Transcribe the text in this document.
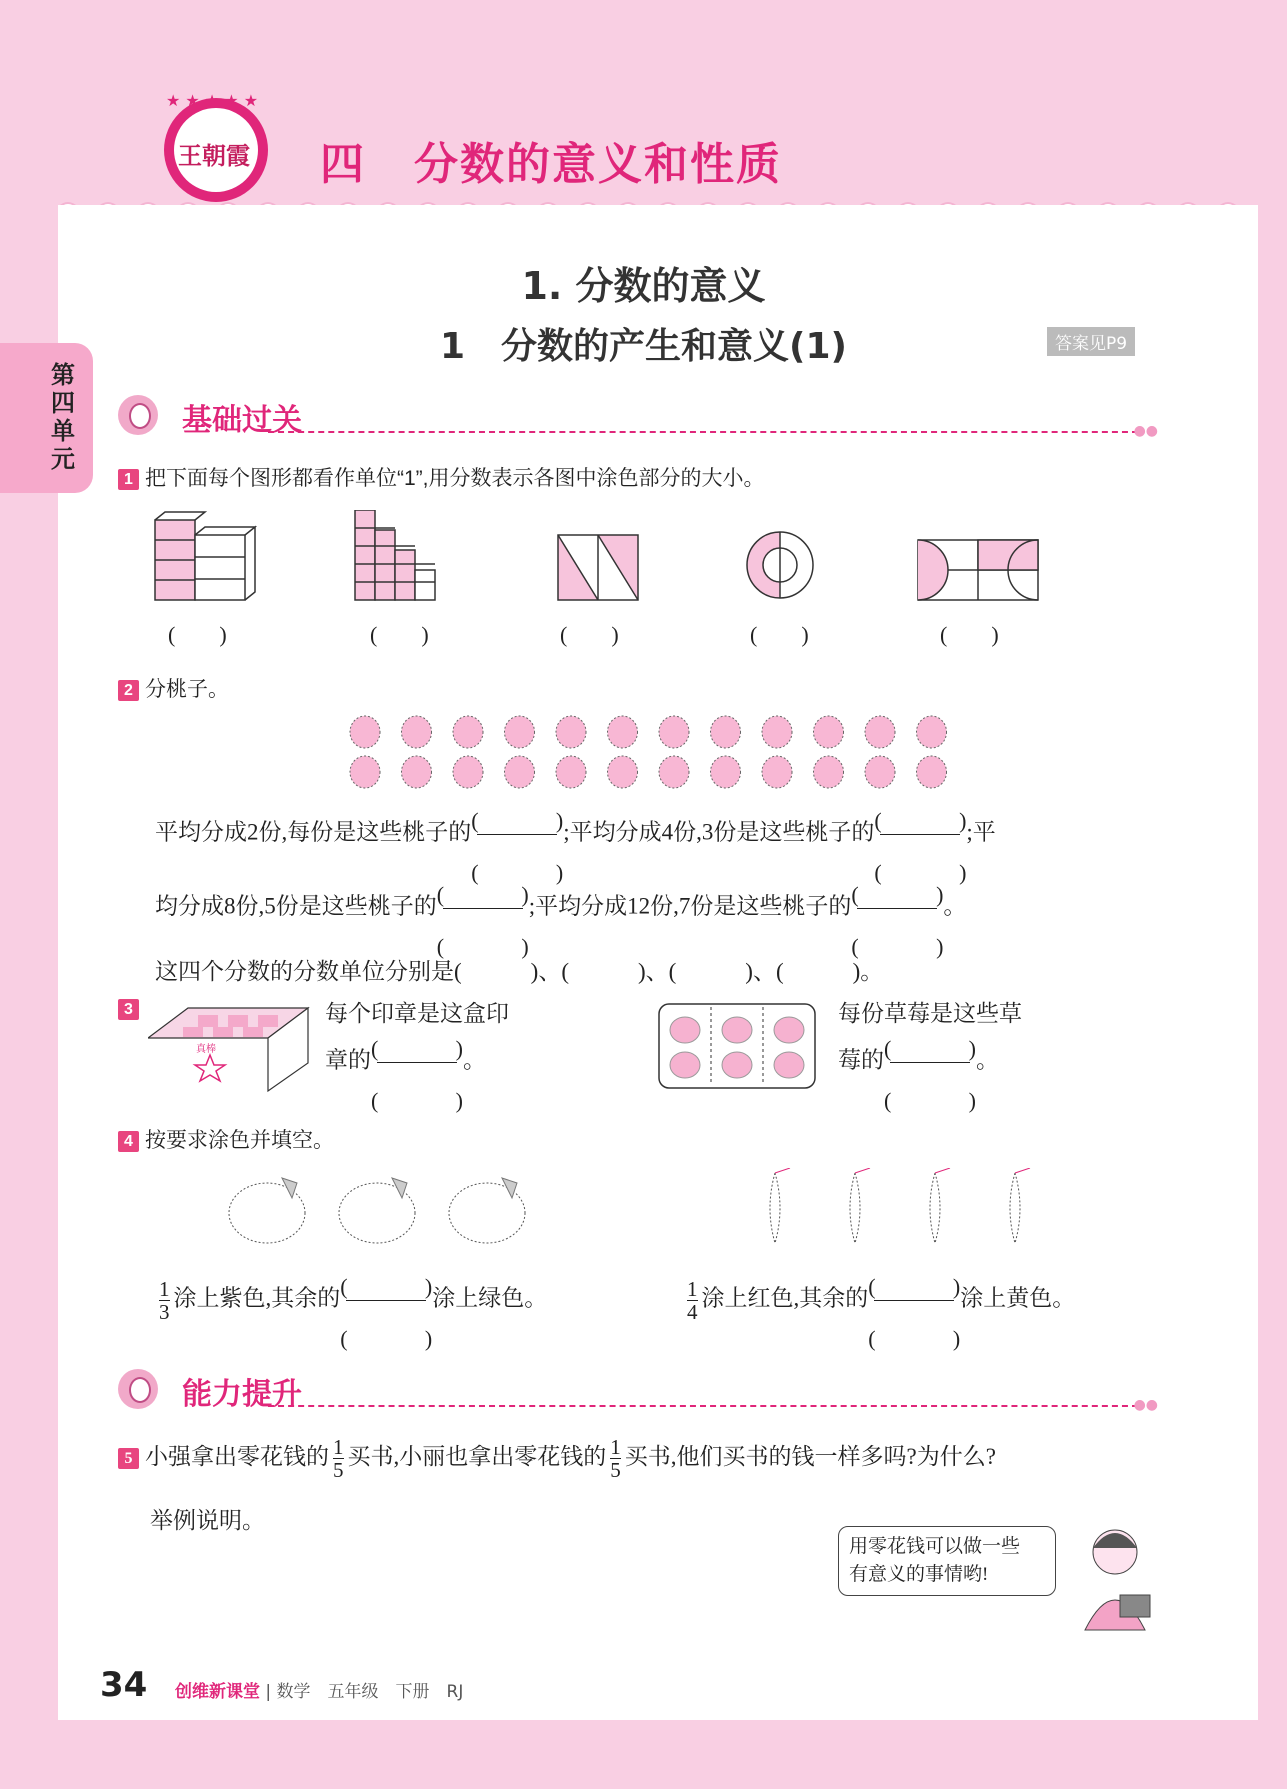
★ ★ ★ ★ ★
王朝霞 四 分数的意义和性质
第四单元
1. 分数的意义
1　分数的产生和意义(1)	答案见P9
基础过关	●●
1 把下面每个图形都看作单位“1”,用分数表示各图中涂色部分的大小。
(　　)	(　　)	(　　)	(　　)	(　　)
2 分桃子。
平均分成2份,每份是这些桃子的 (	)
(	)
;平均分成4份,3份是这些桃子的 (	)
(	)
;平
均分成8份,5份是这些桃子的 (	)
(	)
;平均分成12份,7份是这些桃子的 (	)
(	)
。
这四个分数的分数单位分别是(　　　)、(　　　)、(　　　)、(　　　)。
3
真棒
每个印章是这盒印
章的 (	)
(	)
。
每份草莓是这些草
莓的 (	)
(	)
。
4 按要求涂色并填空。
$\frac{1}{3}$ 涂上紫色,其余的 (	)
(	)
涂上绿色。	$\frac{1}{4}$ 涂上红色,其余的 (	)
(	)
涂上黄色。
能力提升	●●
5 小强拿出零花钱的 $\frac{1}{5}$ 买书,小丽也拿出零花钱的 $\frac{1}{5}$ 买书,他们买书的钱一样多吗?为什么?
举例说明。
用零花钱可以做一些
有意义的事情哟!
34 创维新课堂 | 数学　五年级　下册　RJ
